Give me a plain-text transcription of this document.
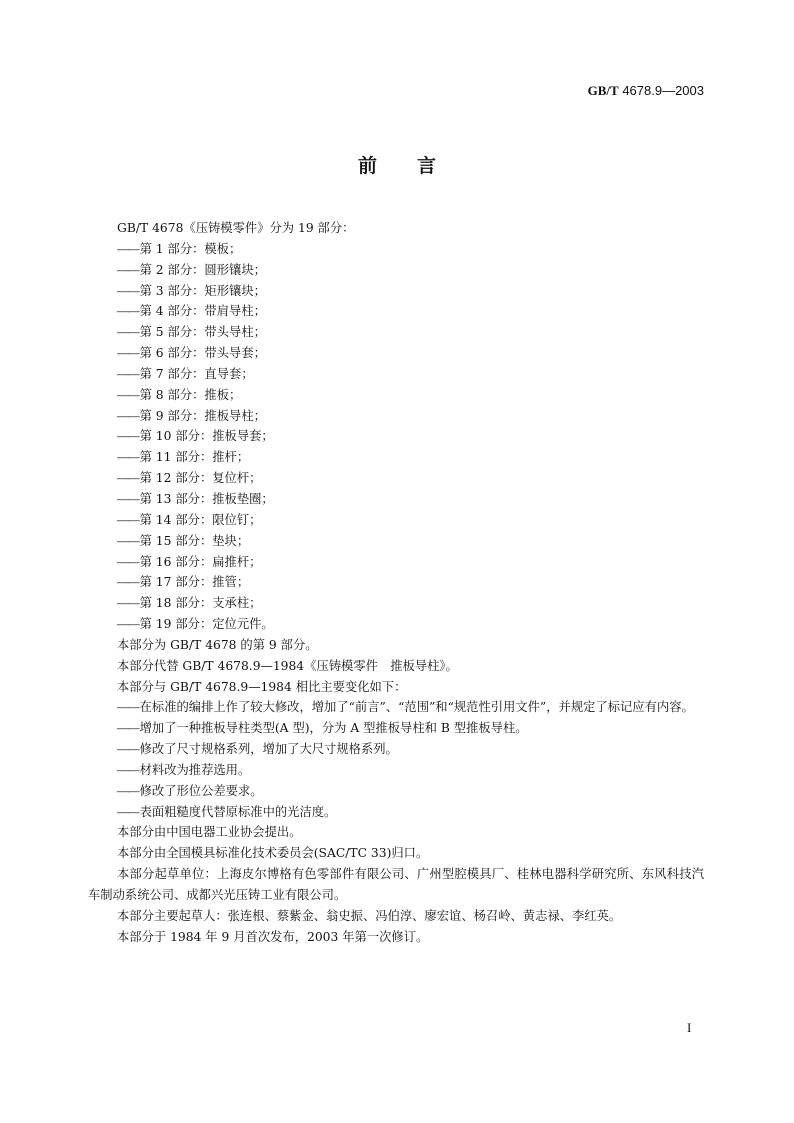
GB/T 4678.9—2003
前 言

GB/T 4678《压铸模零件》分为 19 部分：

—— 第 1 部分：模板；

—— 第 2 部分：圆形镶块；

—— 第 3 部分：矩形镶块；

—— 第 4 部分：带肩导柱；

—— 第 5 部分：带头导柱；

—— 第 6 部分：带头导套；

—— 第 7 部分：直导套；

—— 第 8 部分：推板；

—— 第 9 部分：推板导柱；

—— 第 10 部分：推板导套；

—— 第 11 部分：推杆；

—— 第 12 部分：复位杆；

—— 第 13 部分：推板垫圈；

—— 第 14 部分：限位钉；

—— 第 15 部分：垫块；

—— 第 16 部分：扁推杆；

—— 第 17 部分：推管；

—— 第 18 部分：支承柱；

—— 第 19 部分：定位元件。

本部分为 GB/T 4678 的第 9 部分。

本部分代替 GB/T 4678.9—1984《压铸模零件　推板导柱》。

本部分与 GB/T 4678.9—1984 相比主要变化如下：

—— 在标准的编排上作了较大修改，增加了“前言”、“范围”和“规范性引用文件”，并规定了标记应有内容。

—— 增加了一种推板导柱类型(A 型)，分为 A 型推板导柱和 B 型推板导柱。

—— 修改了尺寸规格系列，增加了大尺寸规格系列。

—— 材料改为推荐选用。

—— 修改了形位公差要求。

—— 表面粗糙度代替原标准中的光洁度。

本部分由中国电器工业协会提出。

本部分由全国模具标准化技术委员会(SAC/TC 33)归口。

本部分起草单位：上海皮尔博格有色零部件有限公司、广州型腔模具厂、桂林电器科学研究所、东风科技汽车制动系统公司、成都兴光压铸工业有限公司。

本部分主要起草人：张连根、蔡紫金、翁史振、冯伯淳、廖宏谊、杨召岭、黄志禄、李红英。

本部分于 1984 年 9 月首次发布，2003 年第一次修订。

I
